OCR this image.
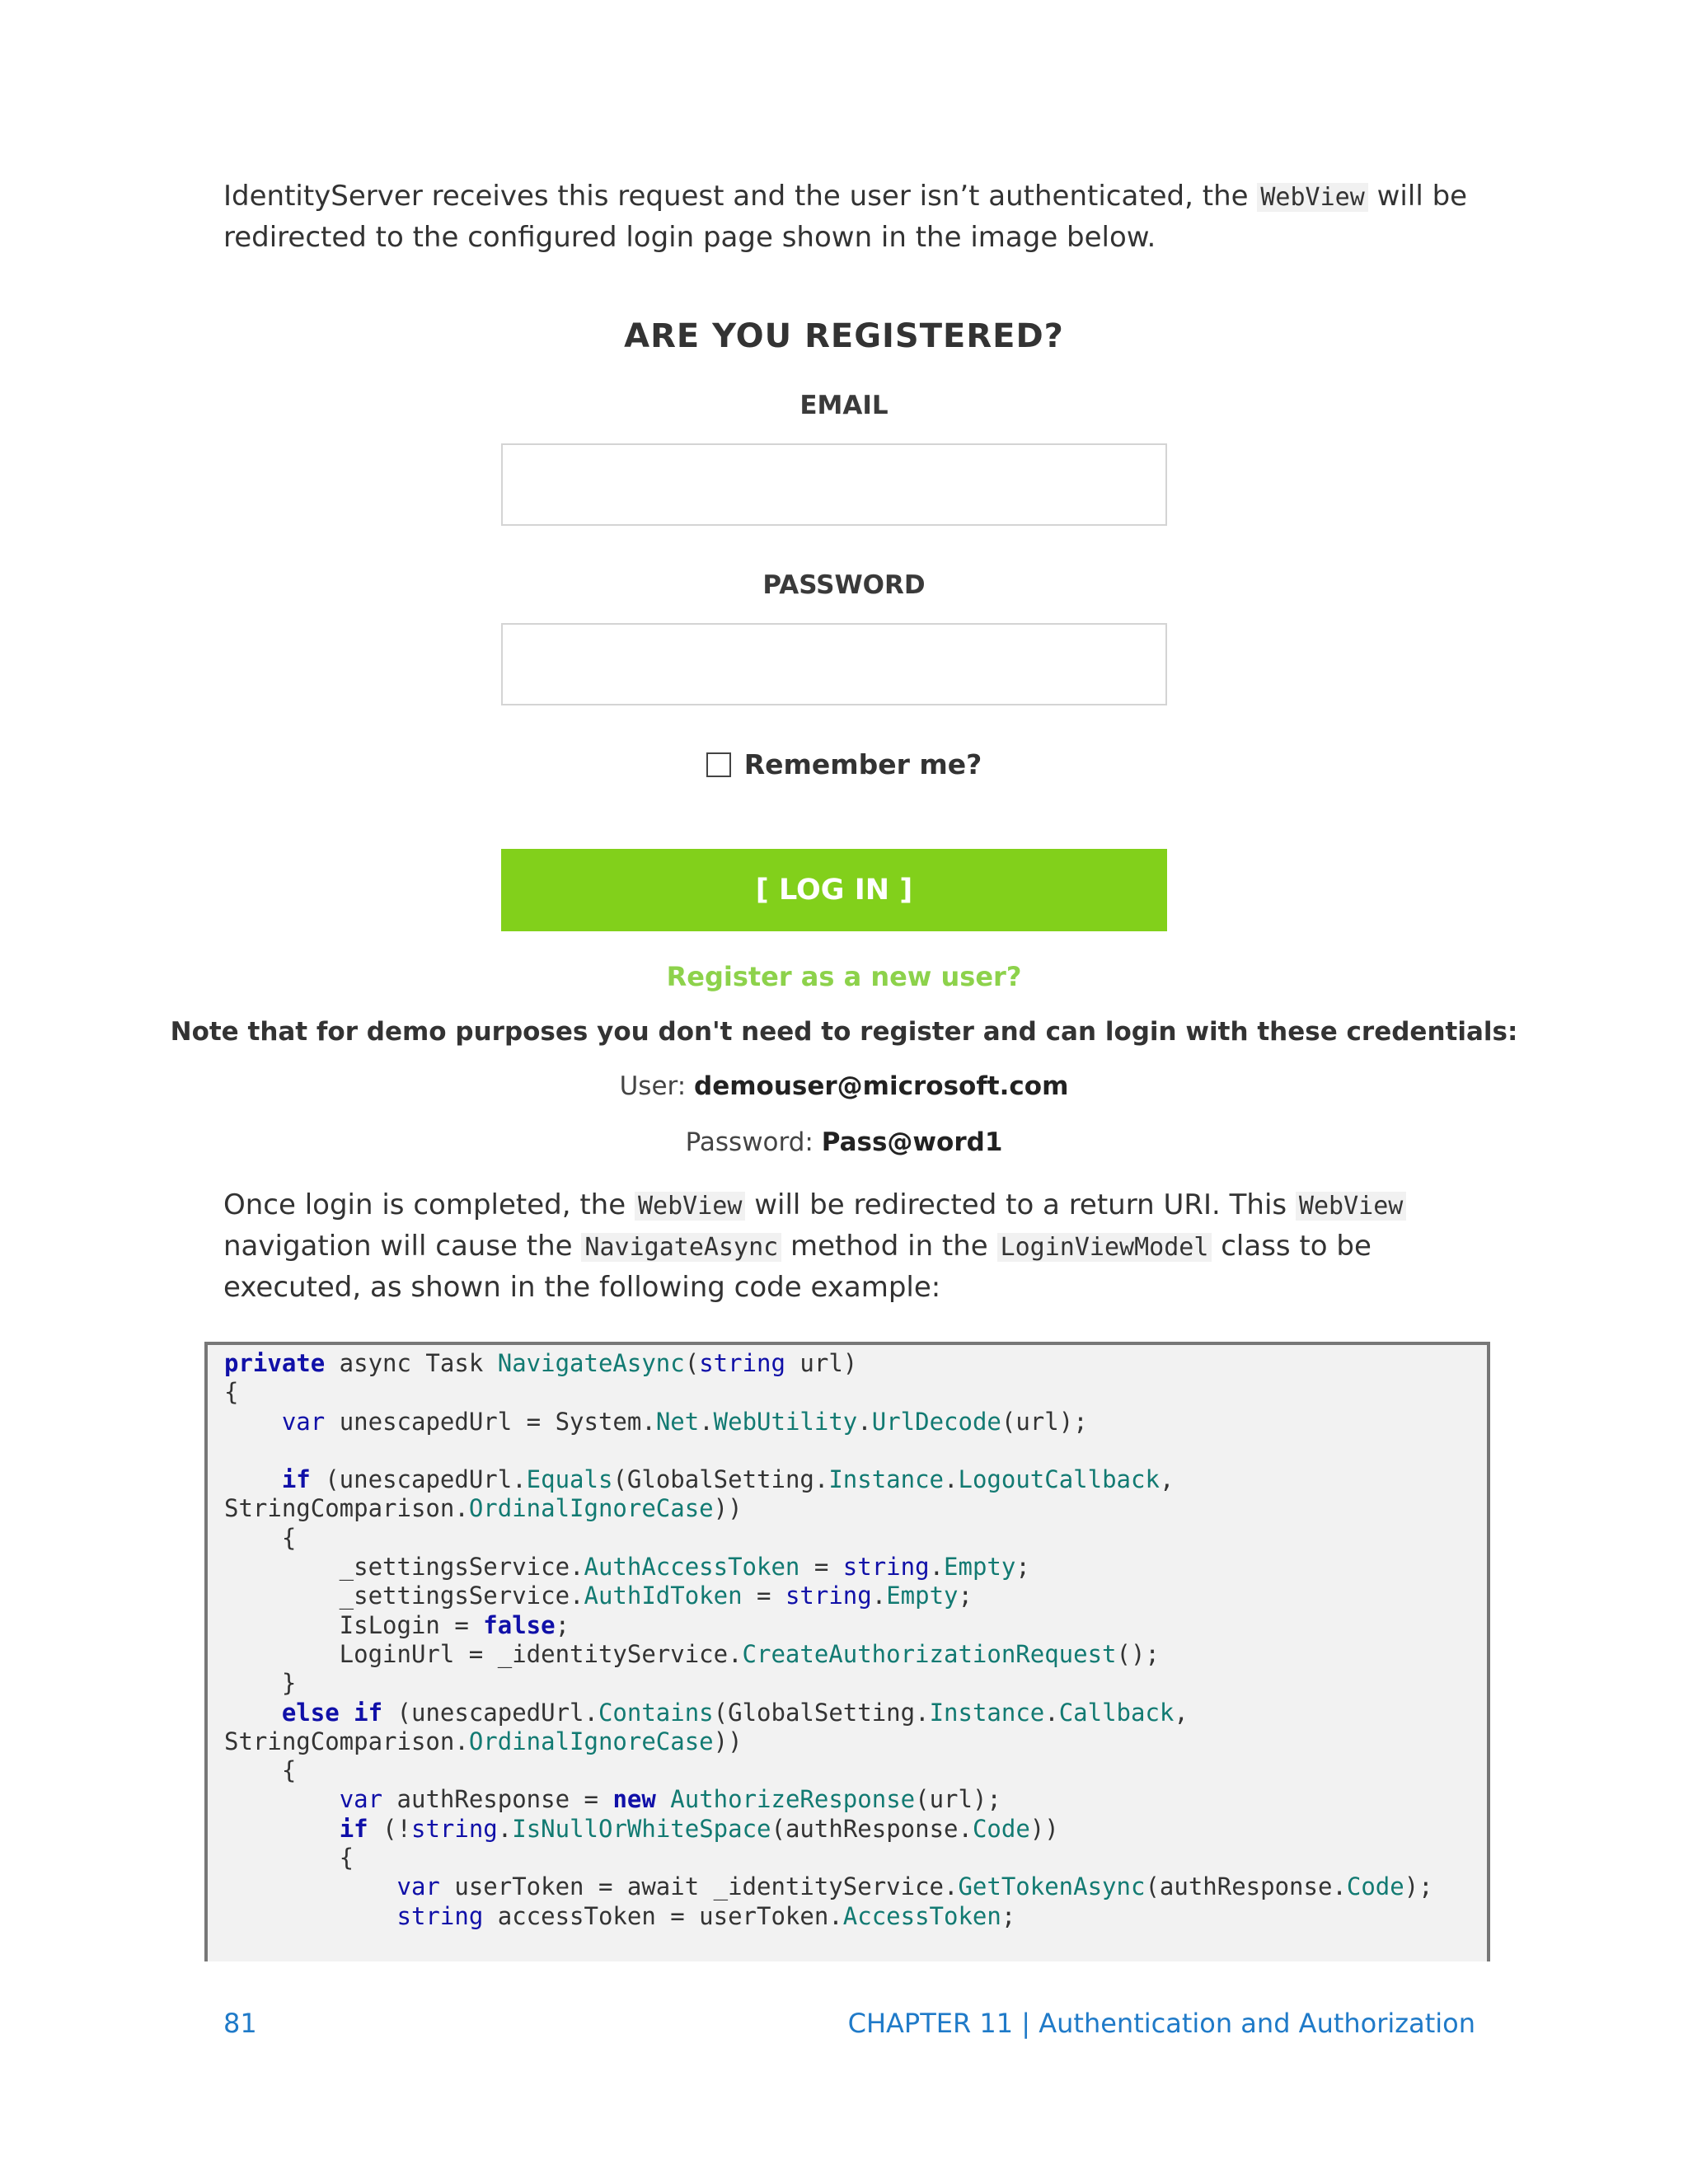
IdentityServer receives this request and the user isn’t authenticated, the WebView will be redirected to the configured login page shown in the image below.

ARE YOU REGISTERED?
EMAIL
PASSWORD
Remember me?
[ LOG IN ]
Register as a new user?
Note that for demo purposes you don't need to register and can login with these credentials:
User: demouser@microsoft.com
Password: Pass@word1

Once login is completed, the WebView will be redirected to a return URI. This WebView navigation will cause the NavigateAsync method in the LoginViewModel class to be executed, as shown in the following code example:

private async Task NavigateAsync(string url)
{
var unescapedUrl = System.Net.WebUtility.UrlDecode(url);
if (unescapedUrl.Equals(GlobalSetting.Instance.LogoutCallback,
StringComparison.OrdinalIgnoreCase))
{
_settingsService.AuthAccessToken = string.Empty;
_settingsService.AuthIdToken = string.Empty;
IsLogin = false;
LoginUrl = _identityService.CreateAuthorizationRequest();
}
else if (unescapedUrl.Contains(GlobalSetting.Instance.Callback,
StringComparison.OrdinalIgnoreCase))
{
var authResponse = new AuthorizeResponse(url);
if (!string.IsNullOrWhiteSpace(authResponse.Code))
{
var userToken = await _identityService.GetTokenAsync(authResponse.Code);
string accessToken = userToken.AccessToken;
81	CHAPTER 11 | Authentication and Authorization
